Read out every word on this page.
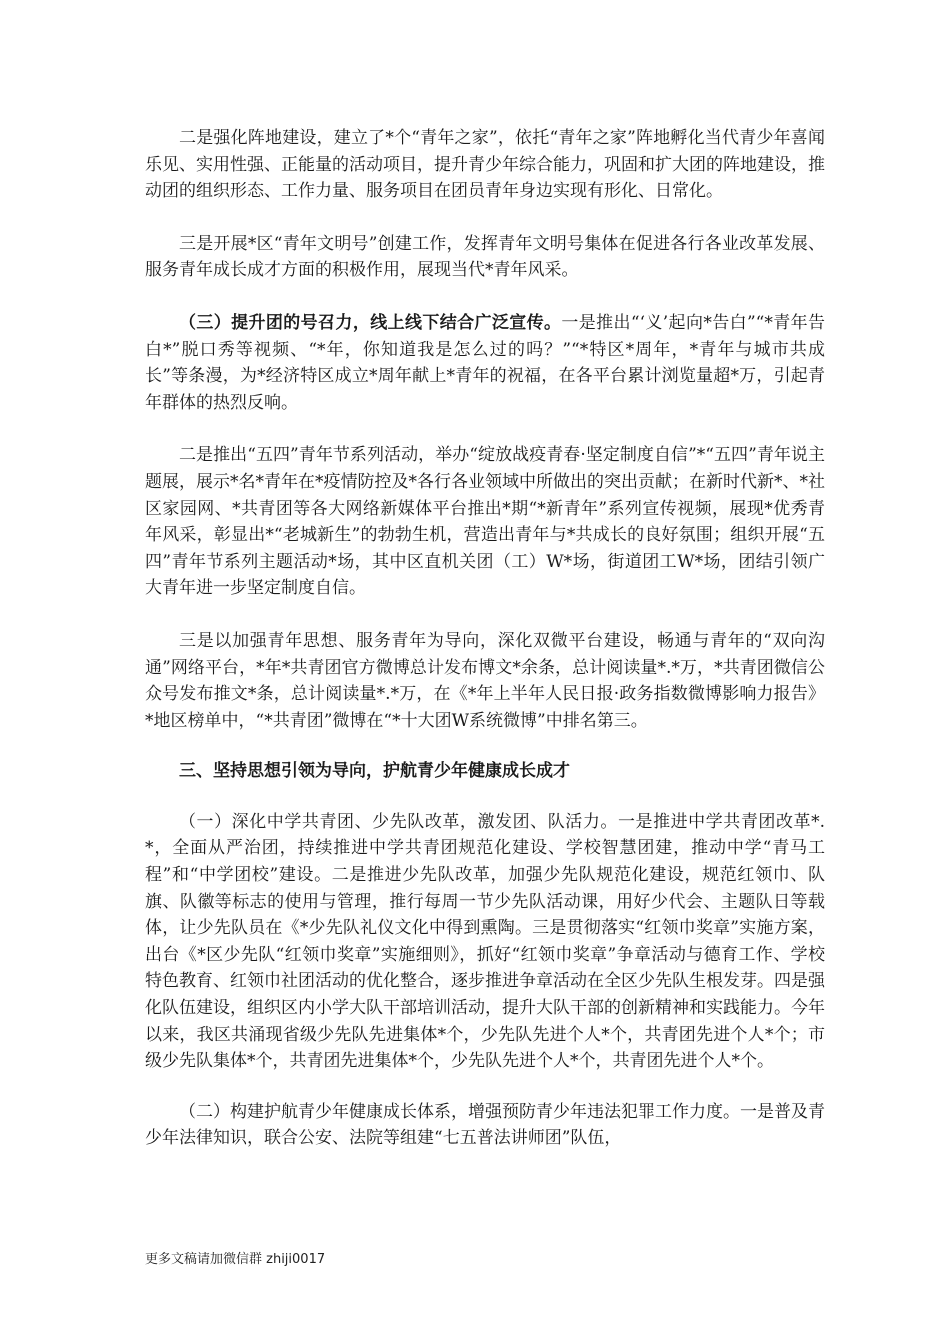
二是强化阵地建设，建立了*个“青年之家”，依托“青年之家”阵地孵化当代青少年喜闻乐见、实用性强、正能量的活动项目，提升青少年综合能力，巩固和扩大团的阵地建设，推动团的组织形态、工作力量、服务项目在团员青年身边实现有形化、日常化。

三是开展*区“青年文明号”创建工作，发挥青年文明号集体在促进各行各业改革发展、服务青年成长成才方面的积极作用，展现当代*青年风采。

（三）提升团的号召力，线上线下结合广泛宣传。一是推出“‘义’起向*告白”“*青年告白*”脱口秀等视频、“*年，你知道我是怎么过的吗？”“*特区*周年，*青年与城市共成长”等条漫，为*经济特区成立*周年献上*青年的祝福，在各平台累计浏览量超*万，引起青年群体的热烈反响。

二是推出“五四”青年节系列活动，举办“绽放战疫青春·坚定制度自信”*“五四”青年说主题展，展示*名*青年在*疫情防控及*各行各业领域中所做出的突出贡献；在新时代新*、*社区家园网、*共青团等各大网络新媒体平台推出*期“*新青年”系列宣传视频，展现*优秀青年风采，彰显出*“老城新生”的勃勃生机，营造出青年与*共成长的良好氛围；组织开展“五四”青年节系列主题活动*场，其中区直机关团（工）W*场，街道团工W*场，团结引领广大青年进一步坚定制度自信。

三是以加强青年思想、服务青年为导向，深化双微平台建设，畅通与青年的“双向沟通”网络平台，*年*共青团官方微博总计发布博文*余条，总计阅读量*.*万，*共青团微信公众号发布推文*条，总计阅读量*.*万，在《*年上半年人民日报·政务指数微博影响力报告》*地区榜单中，“*共青团”微博在“*十大团W系统微博”中排名第三。

三、坚持思想引领为导向，护航青少年健康成长成才

（一）深化中学共青团、少先队改革，激发团、队活力。一是推进中学共青团改革*.*，全面从严治团，持续推进中学共青团规范化建设、学校智慧团建，推动中学“青马工程”和“中学团校”建设。二是推进少先队改革，加强少先队规范化建设，规范红领巾、队旗、队徽等标志的使用与管理，推行每周一节少先队活动课，用好少代会、主题队日等载体，让少先队员在《*少先队礼仪文化中得到熏陶。三是贯彻落实“红领巾奖章”实施方案，出台《*区少先队“红领巾奖章”实施细则》，抓好“红领巾奖章”争章活动与德育工作、学校特色教育、红领巾社团活动的优化整合，逐步推进争章活动在全区少先队生根发芽。四是强化队伍建设，组织区内小学大队干部培训活动，提升大队干部的创新精神和实践能力。今年以来，我区共涌现省级少先队先进集体*个，少先队先进个人*个，共青团先进个人*个；市级少先队集体*个，共青团先进集体*个，少先队先进个人*个，共青团先进个人*个。

（二）构建护航青少年健康成长体系，增强预防青少年违法犯罪工作力度。一是普及青少年法律知识，联合公安、法院等组建“七五普法讲师团”队伍，

更多文稿请加微信群 zhiji0017
